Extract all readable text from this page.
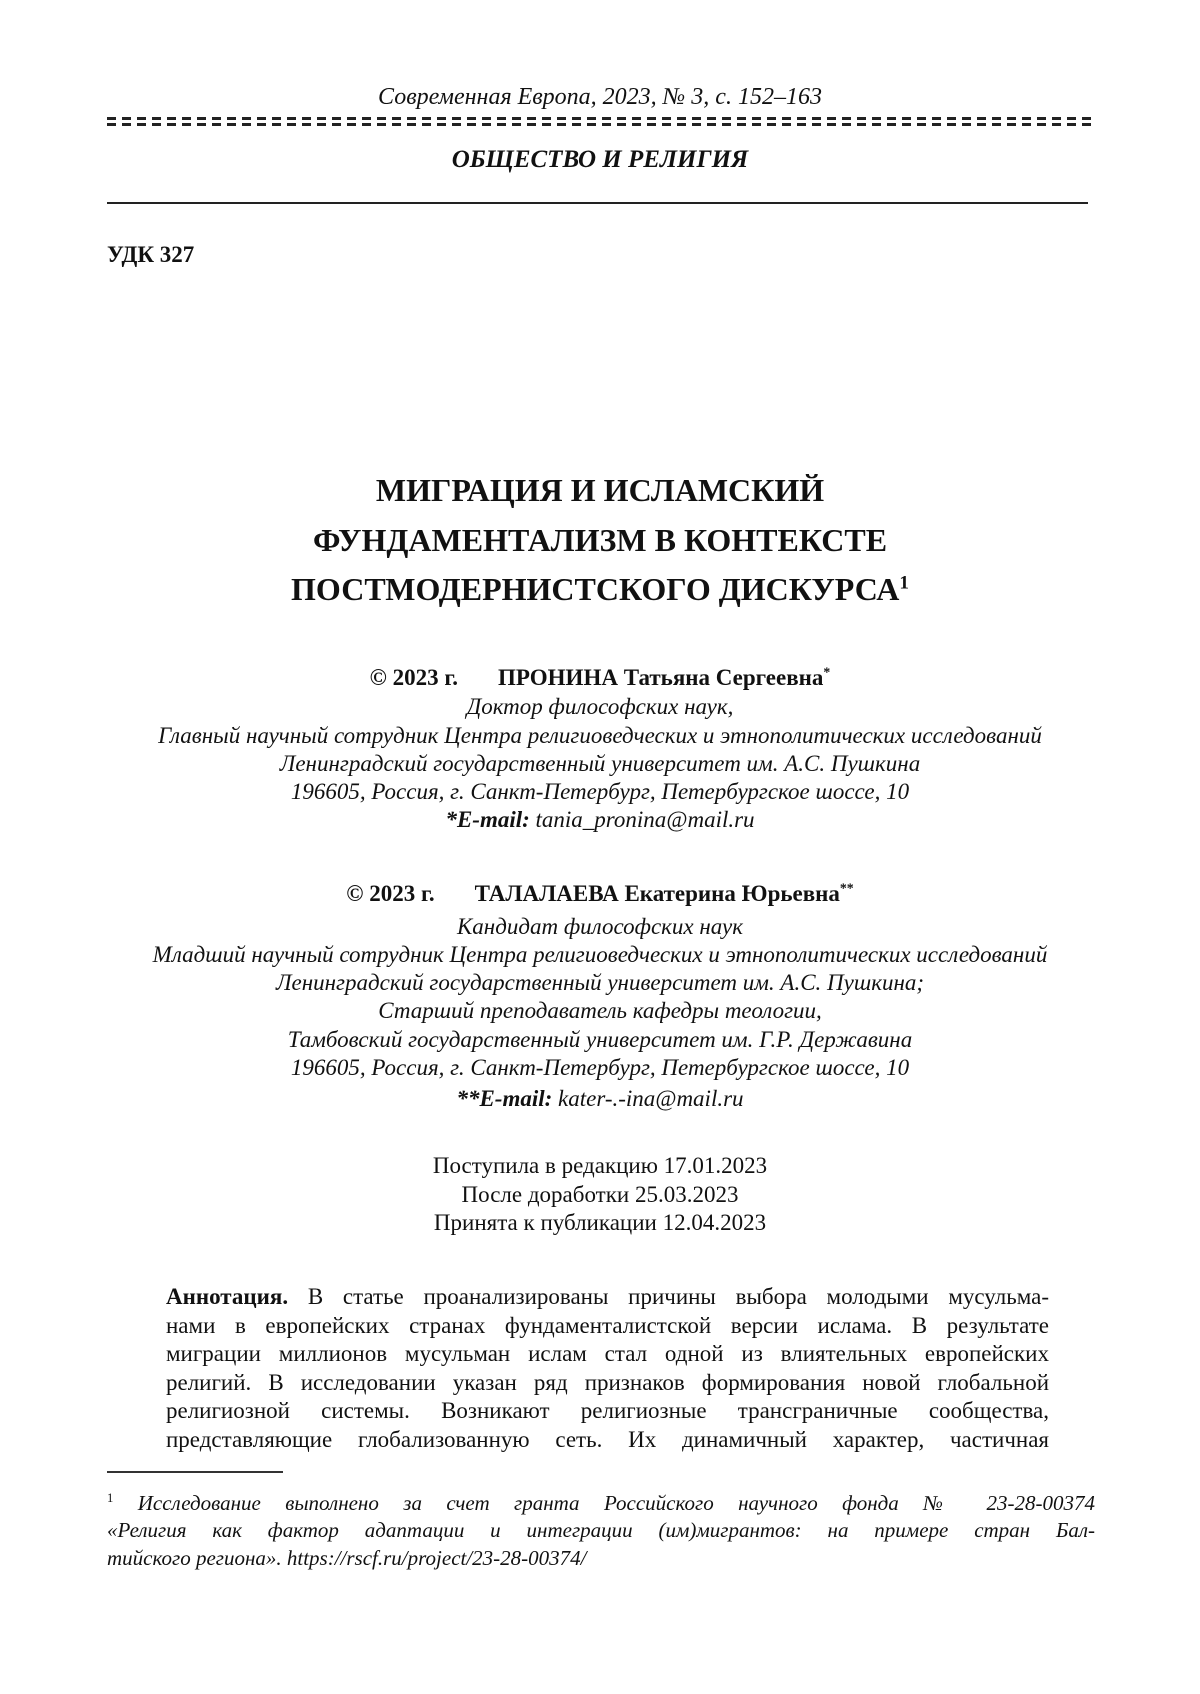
Современная Европа, 2023, № 3, с. 152–163
ОБЩЕСТВО И РЕЛИГИЯ
УДК 327
МИГРАЦИЯ И ИСЛАМСКИЙ
ФУНДАМЕНТАЛИЗМ В КОНТЕКСТЕ
ПОСТМОДЕРНИСТСКОГО ДИСКУРСА$^1$
© 2023 г. ПРОНИНА Татьяна Сергеевна*
Доктор философских наук,
Главный научный сотрудник Центра религиоведческих и этнополитических исследований
Ленинградский государственный университет им. А.С. Пушкина
196605, Россия, г. Санкт-Петербург, Петербургское шоссе, 10
*E-mail: tania_pronina@mail.ru
© 2023 г. ТАЛАЛАЕВА Екатерина Юрьевна**
Кандидат философских наук
Младший научный сотрудник Центра религиоведческих и этнополитических исследований
Ленинградский государственный университет им. А.С. Пушкина;
Старший преподаватель кафедры теологии,
Тамбовский государственный университет им. Г.Р. Державина
196605, Россия, г. Санкт-Петербург, Петербургское шоссе, 10
**E-mail: kater-.-ina@mail.ru
Поступила в редакцию 17.01.2023
После доработки 25.03.2023
Принята к публикации 12.04.2023
Аннотация. В статье проанализированы причины выбора молодыми мусульма-
нами в европейских странах фундаменталистской версии ислама. В результате
миграции миллионов мусульман ислам стал одной из влиятельных европейских
религий. В исследовании указан ряд признаков формирования новой глобальной
религиозной системы. Возникают религиозные трансграничные сообщества,
представляющие глобализованную сеть. Их динамичный характер, частичная
$^1$ Исследование выполнено за счет гранта Российского научного фонда № 23-28-00374
«Религия как фактор адаптации и интеграции (им)мигрантов: на примере стран Бал-
тийского региона». https://rscf.ru/project/23-28-00374/
